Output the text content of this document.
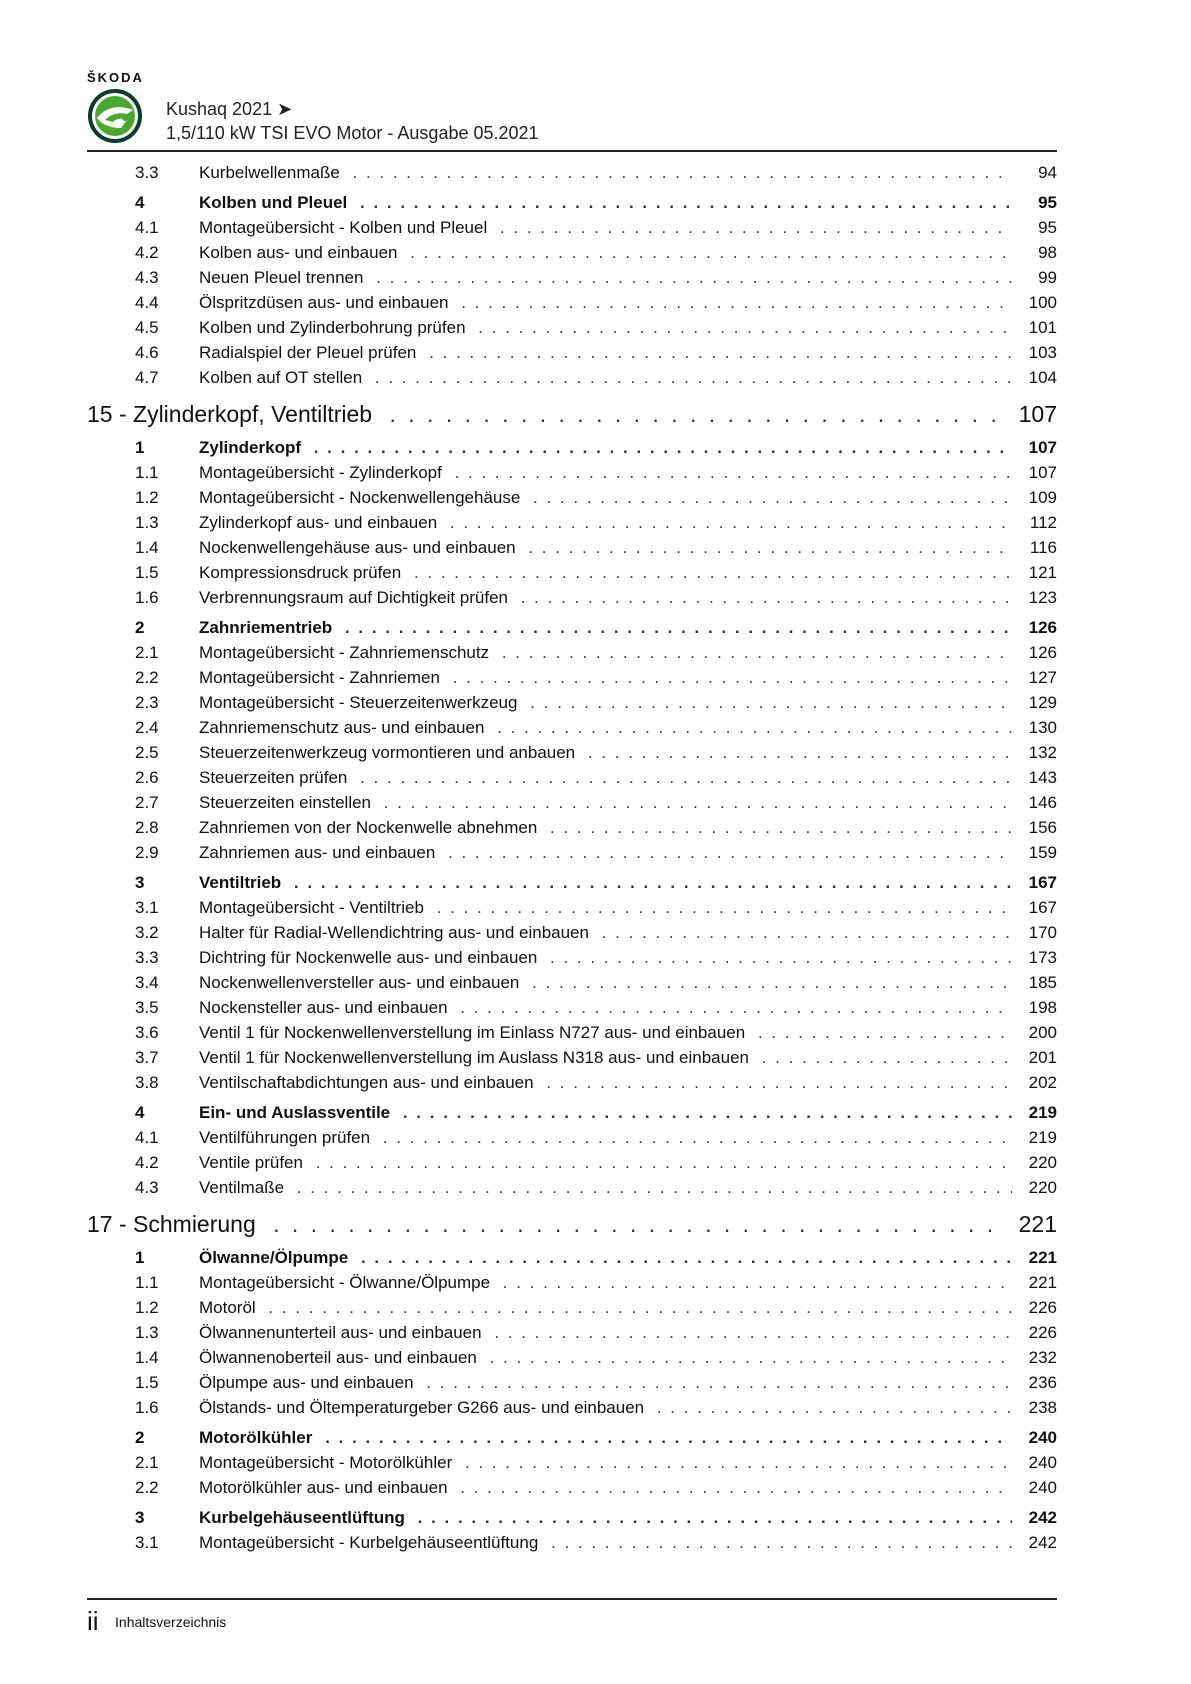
ŠKODA
Kushaq 2021 ➤
1,5/110 kW TSI EVO Motor - Ausgabe 05.2021
3.3 Kurbelwellenmaße . . .	94
4	Kolben und Pleuel . . .	95
4.1 Montageübersicht - Kolben und Pleuel . . .	95
4.2 Kolben aus- und einbauen . . .	98
4.3 Neuen Pleuel trennen . . .	99
4.4 Ölspritzdüsen aus- und einbauen . . .	100
4.5 Kolben und Zylinderbohrung prüfen . . .	101
4.6 Radialspiel der Pleuel prüfen . . .	103
4.7 Kolben auf OT stellen . . .	104
15 - Zylinderkopf, Ventiltrieb . . .	107
1	Zylinderkopf . . .	107
1.1 Montageübersicht - Zylinderkopf . . .	107
1.2 Montageübersicht - Nockenwellengehäuse . . .	109
1.3 Zylinderkopf aus- und einbauen . . .	112
1.4 Nockenwellengehäuse aus- und einbauen . . .	116
1.5 Kompressionsdruck prüfen . . .	121
1.6 Verbrennungsraum auf Dichtigkeit prüfen . . .	123
2	Zahnriementrieb . . .	126
2.1 Montageübersicht - Zahnriemenschutz . . .	126
2.2 Montageübersicht - Zahnriemen . . .	127
2.3 Montageübersicht - Steuerzeitenwerkzeug . . .	129
2.4 Zahnriemenschutz aus- und einbauen . . .	130
2.5 Steuerzeitenwerkzeug vormontieren und anbauen . . .	132
2.6 Steuerzeiten prüfen . . .	143
2.7 Steuerzeiten einstellen . . .	146
2.8 Zahnriemen von der Nockenwelle abnehmen . . .	156
2.9 Zahnriemen aus- und einbauen . . .	159
3	Ventiltrieb . . .	167
3.1 Montageübersicht - Ventiltrieb . . .	167
3.2 Halter für Radial-Wellendichtring aus- und einbauen . . .	170
3.3 Dichtring für Nockenwelle aus- und einbauen . . .	173
3.4 Nockenwellenversteller aus- und einbauen . . .	185
3.5 Nockensteller aus- und einbauen . . .	198
3.6 Ventil 1 für Nockenwellenverstellung im Einlass N727 aus- und einbauen . . .	200
3.7 Ventil 1 für Nockenwellenverstellung im Auslass N318 aus- und einbauen . . .	201
3.8 Ventilschaftabdichtungen aus- und einbauen . . .	202
4	Ein- und Auslassventile . . .	219
4.1 Ventilführungen prüfen . . .	219
4.2 Ventile prüfen . . .	220
4.3 Ventilmaße . . .	220
17 - Schmierung . . .	221
1	Ölwanne/Ölpumpe . . .	221
1.1 Montageübersicht - Ölwanne/Ölpumpe . . .	221
1.2 Motoröl . . .	226
1.3 Ölwannenunterteil aus- und einbauen . . .	226
1.4 Ölwannenoberteil aus- und einbauen . . .	232
1.5 Ölpumpe aus- und einbauen . . .	236
1.6 Ölstands- und Öltemperaturgeber G266 aus- und einbauen . . .	238
2	Motorölkühler . . .	240
2.1 Montageübersicht - Motorölkühler . . .	240
2.2 Motorölkühler aus- und einbauen . . .	240
3	Kurbelgehäuseentlüftung . . .	242
3.1 Montageübersicht - Kurbelgehäuseentlüftung . . .	242
ii Inhaltsverzeichnis
